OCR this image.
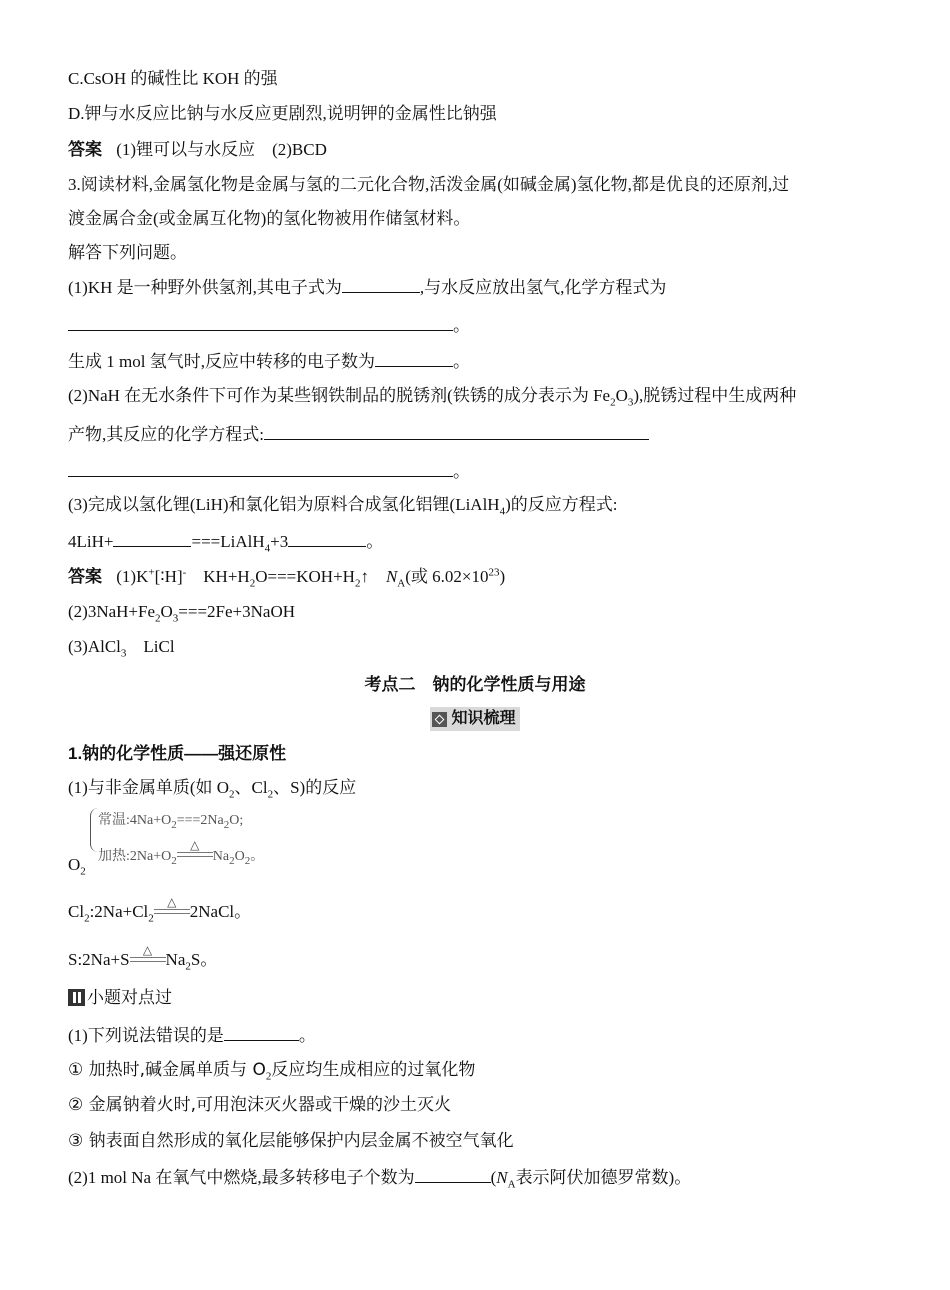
C.CsOH 的碱性比 KOH 的强
D.钾与水反应比钠与水反应更剧烈,说明钾的金属性比钠强
答案 (1)锂可以与水反应　(2)BCD
3.阅读材料,金属氢化物是金属与氢的二元化合物,活泼金属(如碱金属)氢化物,都是优良的还原剂,过
渡金属合金(或金属互化物)的氢化物被用作储氢材料。
解答下列问题。
(1)KH 是一种野外供氢剂,其电子式为	,与水反应放出氢气,化学方程式为
。
生成 1 mol 氢气时,反应中转移的电子数为	。
(2)NaH 在无水条件下可作为某些钢铁制品的脱锈剂(铁锈的成分表示为 $Fe_2O_3$),脱锈过程中生成两种
产物,其反应的化学方程式:
。
(3)完成以氢化锂(LiH)和氯化铝为原料合成氢化铝锂(LiAlH$_4$)的反应方程式:
4LiH+	===LiAlH$_4$+3	。
答案 (1)K+[∶H]-　$KH+H_2O===KOH+H_2↑$　$N_A$(或 $6.02\times 10^{23}$)
$(2)3NaH+Fe_2O_3===2Fe+3NaOH$
(3)AlCl$_3$　LiCl
考点二　钠的化学性质与用途
知识梳理
1.钠的化学性质——强还原性
(1)与非金属单质(如 $O_2$、$Cl_2$、S)的反应
常温$:4Na+O_2===2Na_2O$;
加热$:2Na+O_2$
△
$Na_2O_2$。
$O_2$
$Cl_2:2Na+Cl_2$
△ 2NaCl。
S:2Na+S	△ $Na_2S$。
小题对点过
(1)下列说法错误的是	。
① 加热时,碱金属单质与 $O_2$反应均生成相应的过氧化物
② 金属钠着火时,可用泡沫灭火器或干燥的沙土灭火
③ 钠表面自然形成的氧化层能够保护内层金属不被空气氧化
(2)1 mol Na 在氧气中燃烧,最多转移电子个数为	($N_A$表示阿伏加德罗常数)。
